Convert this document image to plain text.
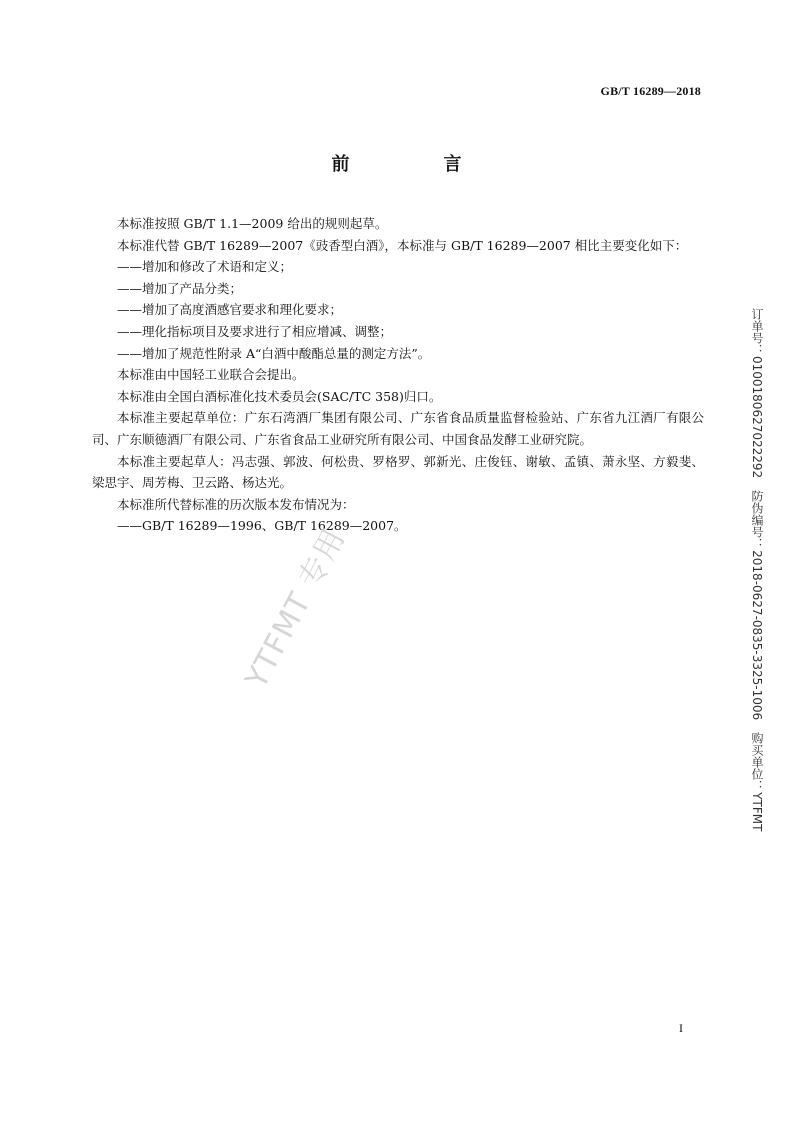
GB/T 16289—2018
前　言

本标准按照 GB/T 1.1—2009 给出的规则起草。

本标准代替 GB/T 16289—2007《豉香型白酒》，本标准与 GB/T 16289—2007 相比主要变化如下：

——增加和修改了术语和定义；

——增加了产品分类；

——增加了高度酒感官要求和理化要求；

——理化指标项目及要求进行了相应增减、调整；

——增加了规范性附录 A“白酒中酸酯总量的测定方法”。

本标准由中国轻工业联合会提出。

本标准由全国白酒标准化技术委员会(SAC/TC 358)归口。

本标准主要起草单位：广东石湾酒厂集团有限公司、广东省食品质量监督检验站、广东省九江酒厂有限公司、广东顺德酒厂有限公司、广东省食品工业研究所有限公司、中国食品发酵工业研究院。

本标准主要起草人：冯志强、郭波、何松贵、罗格罗、郭新光、庄俊钰、谢敏、孟镇、萧永坚、方毅斐、梁思宇、周芳梅、卫云路、杨达光。

本标准所代替标准的历次版本发布情况为：

——GB/T 16289—1996、GB/T 16289—2007。

YTFMT 专用	订单号：0100180627022292　防伪编号：2018-0627-0835-3325-1006　购买单位：YTFMT
I
